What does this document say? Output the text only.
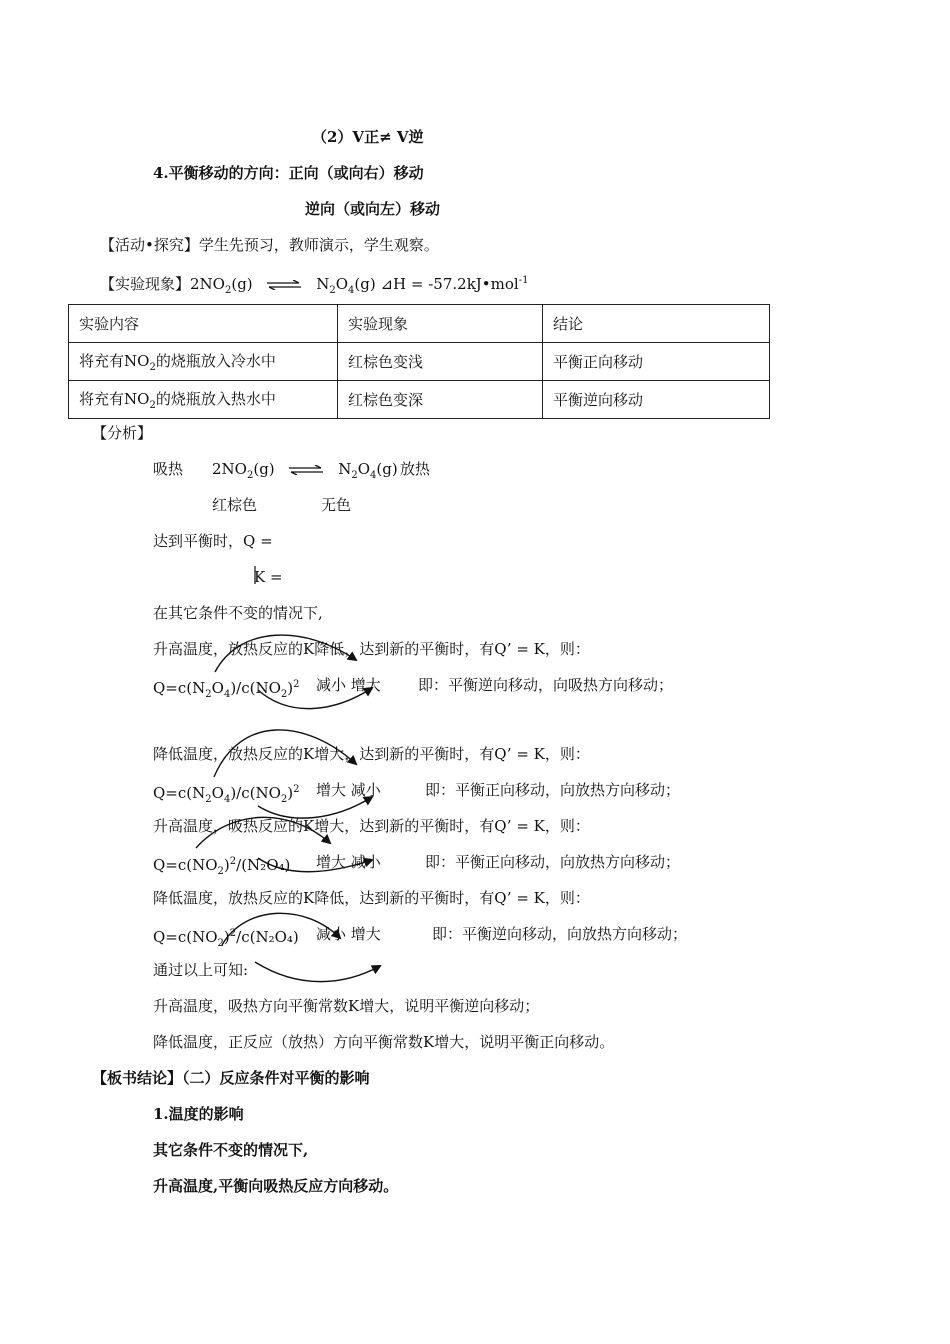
（2）V正≠ V逆
4.平衡移动的方向：正向（或向右）移动
逆向（或向左）移动
【活动•探究】学生先预习，教师演示，学生观察。
【实验现象】$2NO_2(g)$ ⇌ $N_2O_4(g)$ ⊿H = -57.2kJ•mol$^{-1}$
实验内容	实验现象	结论
将充有$NO_2$的烧瓶放入冷水中	红棕色变浅	平衡正向移动
将充有$NO_2$的烧瓶放入热水中	红棕色变深	平衡逆向移动
【分析】
吸热 $2NO_2(g)$ ⇌ $N_2O_4(g)$ 放热
红棕色	无色
达到平衡时，Q =
K =
在其它条件不变的情况下,
升高温度，放热反应的K降低，达到新的平衡时，有Q’ = K，则：
$Q=c(N_2O_4)/c(NO_2)^2$ 减小 增大 即：平衡逆向移动，向吸热方向移动；
降低温度，放热反应的K增大，达到新的平衡时，有Q’ = K，则：
$Q=c(N_2O_4)/c(NO_2)^2$ 增大 减小	即：平衡正向移动，向放热方向移动；
升高温度，吸热反应的K增大，达到新的平衡时，有Q’ = K，则：
$Q=c(NO_2)^2/(N_2O_4)$ 增大 减小	即：平衡正向移动，向放热方向移动；
降低温度，放热反应的K降低，达到新的平衡时，有Q’ = K，则：
$Q=c(NO_2)^2/c(N_2O_4)$ 减小 增大	即：平衡逆向移动，向放热方向移动；
通过以上可知:
升高温度，吸热方向平衡常数K增大，说明平衡逆向移动；
降低温度，正反应（放热）方向平衡常数K增大，说明平衡正向移动。
【板书结论】（二）反应条件对平衡的影响
1.温度的影响
其它条件不变的情况下,
升高温度,平衡向吸热反应方向移动。
